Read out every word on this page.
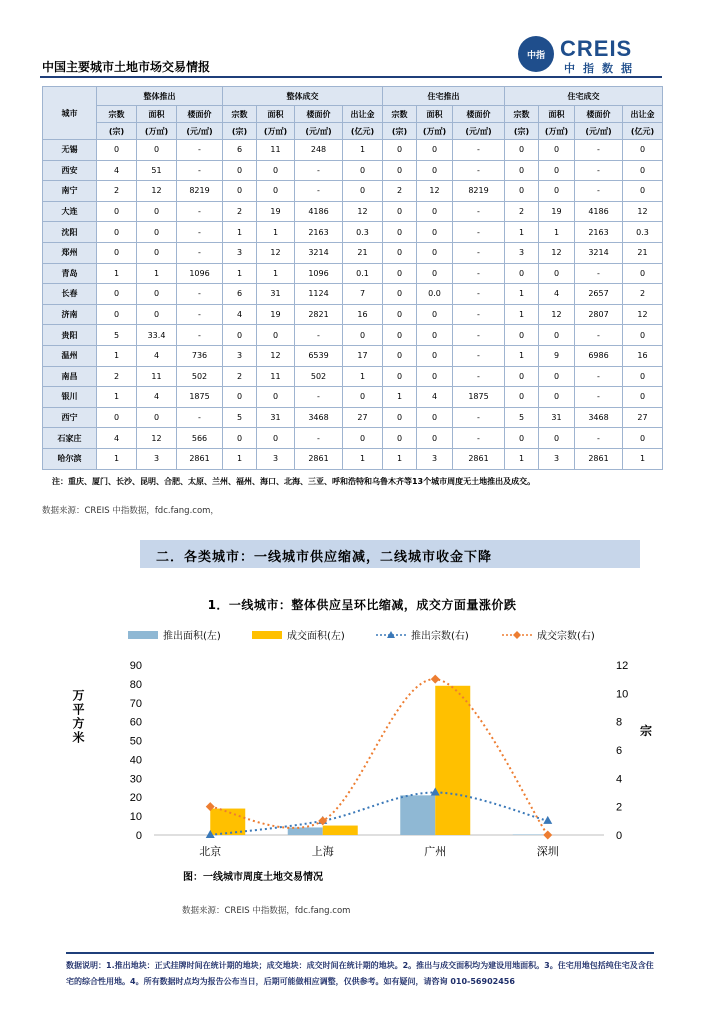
中国主要城市土地市场交易情报
中指 CREIS
中指数据
城市	整体推出			整体成交				住宅推出			住宅成交			
	宗数	面积	楼面价	宗数	面积	楼面价	出让金	宗数	面积	楼面价	宗数	面积	楼面价	出让金
	(宗)	(万㎡)	(元/㎡)	(宗)	(万㎡)	(元/㎡)	(亿元)	(宗)	(万㎡)	(元/㎡)	(宗)	(万㎡)	(元/㎡)	(亿元)
无锡	0	0	-	6	11	248	1	0	0	-	0	0	-	0
西安	4	51	-	0	0	-	0	0	0	-	0	0	-	0
南宁	2	12	8219	0	0	-	0	2	12	8219	0	0	-	0
大连	0	0	-	2	19	4186	12	0	0	-	2	19	4186	12
沈阳	0	0	-	1	1	2163	0.3	0	0	-	1	1	2163	0.3
郑州	0	0	-	3	12	3214	21	0	0	-	3	12	3214	21
青岛	1	1	1096	1	1	1096	0.1	0	0	-	0	0	-	0
长春	0	0	-	6	31	1124	7	0	0.0	-	1	4	2657	2
济南	0	0	-	4	19	2821	16	0	0	-	1	12	2807	12
贵阳	5	33.4	-	0	0	-	0	0	0	-	0	0	-	0
温州	1	4	736	3	12	6539	17	0	0	-	1	9	6986	16
南昌	2	11	502	2	11	502	1	0	0	-	0	0	-	0
银川	1	4	1875	0	0	-	0	1	4	1875	0	0	-	0
西宁	0	0	-	5	31	3468	27	0	0	-	5	31	3468	27
石家庄	4	12	566	0	0	-	0	0	0	-	0	0	-	0
哈尔滨	1	3	2861	1	3	2861	1	1	3	2861	1	3	2861	1
注：重庆、厦门、长沙、昆明、合肥、太原、兰州、福州、海口、北海、三亚、呼和浩特和乌鲁木齐等13个城市周度无土地推出及成交。
数据来源：CREIS 中指数据，fdc.fang.com，
二．各类城市：一线城市供应缩减，二线城市收金下降
1．一线城市：整体供应呈环比缩减，成交方面量涨价跌
推出面积(左)	成交面积(左)	推出宗数(右)	成交宗数(右)
0
10
20
30
40
50
60
70
80
90
0
2
4
6
8
10
12
万平方米	宗
北京	上海	广州	深圳
图：一线城市周度土地交易情况
数据来源：CREIS 中指数据，fdc.fang.com
数据说明：1.推出地块：正式挂牌时间在统计期的地块；成交地块：成交时间在统计期的地块。2。推出与成交面积均为建设用地面积。3。住宅用地包括纯住宅及含住宅的综合性用地。4。所有数据时点均为报告公布当日，后期可能做相应调整，仅供参考。如有疑问，请咨询 010-56902456
